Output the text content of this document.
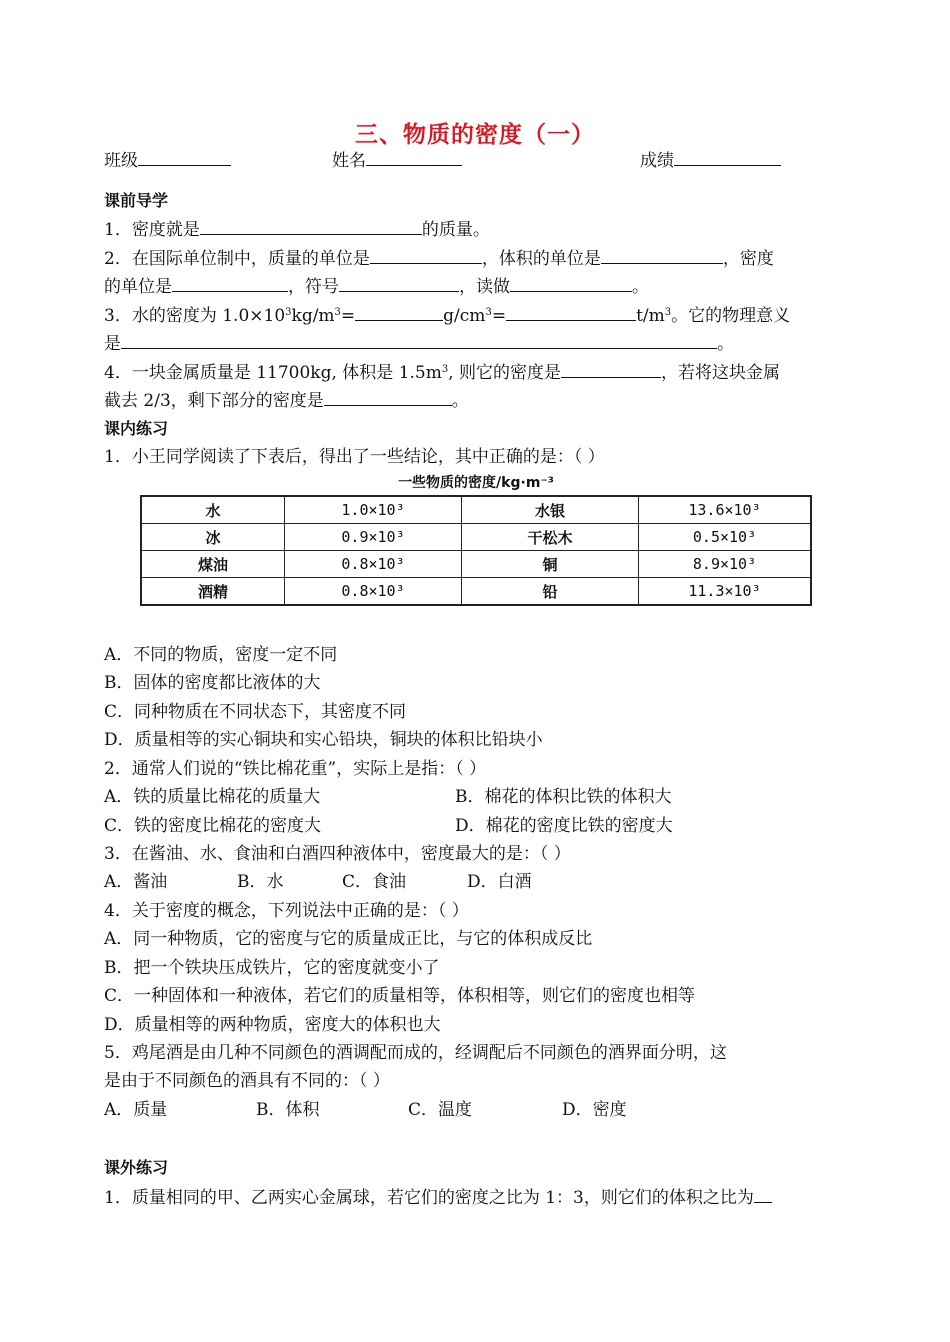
三、物质的密度（一）
班级	姓名	成绩
课前导学
1．密度就是	的质量。
2．在国际单位制中，质量的单位是	，体积的单位是	，密度
的单位是	，符号	，读做	。
3．水的密度为 $1.0\times 10^3kg/m^3=$	$g/cm^3=$	$t/m^3$。它的物理意义
是	。
4．一块金属质量是 11700kg, 体积是 $1.5m^3$, 则它的密度是	，若将这块金属
截去 2/3，剩下部分的密度是	。
课内练习
1．小王同学阅读了下表后，得出了一些结论，其中正确的是：（ ）
一些物质的密度/kg·m⁻³
水	1.0×10³	水银	13.6×10³
冰	0.9×10³	干松木	0.5×10³
煤油	0.8×10³	铜	8.9×10³
酒精	0.8×10³	铅	11.3×10³
A．不同的物质，密度一定不同
B．固体的密度都比液体的大
C．同种物质在不同状态下，其密度不同
D．质量相等的实心铜块和实心铅块，铜块的体积比铅块小
2．通常人们说的“铁比棉花重”，实际上是指：（ ）
A．铁的质量比棉花的质量大	B．棉花的体积比铁的体积大
C．铁的密度比棉花的密度大	D．棉花的密度比铁的密度大
3．在酱油、水、食油和白酒四种液体中，密度最大的是：（ ）
A．酱油	B．水	C．食油	D．白酒
4．关于密度的概念，下列说法中正确的是：（ ）
A．同一种物质，它的密度与它的质量成正比，与它的体积成反比
B．把一个铁块压成铁片，它的密度就变小了
C．一种固体和一种液体，若它们的质量相等，体积相等，则它们的密度也相等
D．质量相等的两种物质，密度大的体积也大
5．鸡尾酒是由几种不同颜色的酒调配而成的，经调配后不同颜色的酒界面分明，这
是由于不同颜色的酒具有不同的：（ ）
A．质量	B．体积	C．温度	D．密度
课外练习
1．质量相同的甲、乙两实心金属球，若它们的密度之比为 1：3，则它们的体积之比为
